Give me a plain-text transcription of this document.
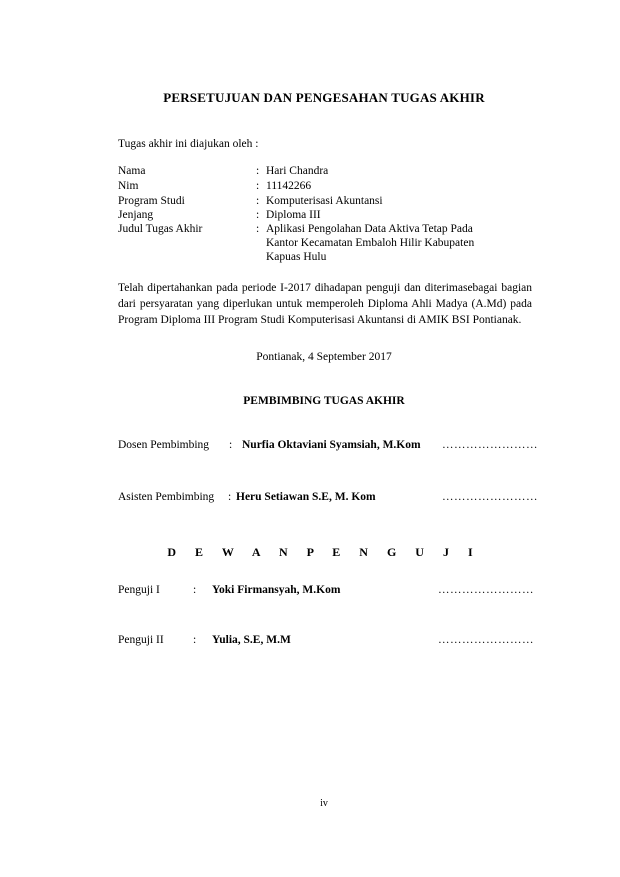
PERSETUJUAN DAN PENGESAHAN TUGAS AKHIR
Tugas akhir ini diajukan oleh :
Nama	: Hari Chandra
Nim	: 11142266
Program Studi	: Komputerisasi Akuntansi
Jenjang	: Diploma III
Judul Tugas Akhir	: Aplikasi Pengolahan Data Aktiva Tetap Pada
Kantor Kecamatan Embaloh Hilir Kabupaten
Kapuas Hulu
Telah dipertahankan pada periode I-2017 dihadapan penguji dan diterimasebagai bagian dari persyaratan yang diperlukan untuk memperoleh Diploma Ahli Madya (A.Md) pada Program Diploma III Program Studi Komputerisasi Akuntansi di AMIK BSI Pontianak.
Pontianak, 4 September 2017
PEMBIMBING TUGAS AKHIR
Dosen Pembimbing : Nurfia Oktaviani Syamsiah, M.Kom ……………………
Asisten Pembimbing : Heru Setiawan S.E, M. Kom	……………………
D E W A N P E N G U J I
Penguji I	: Yoki Firmansyah, M.Kom	……………………
Penguji II	: Yulia, S.E, M.M	……………………
iv
